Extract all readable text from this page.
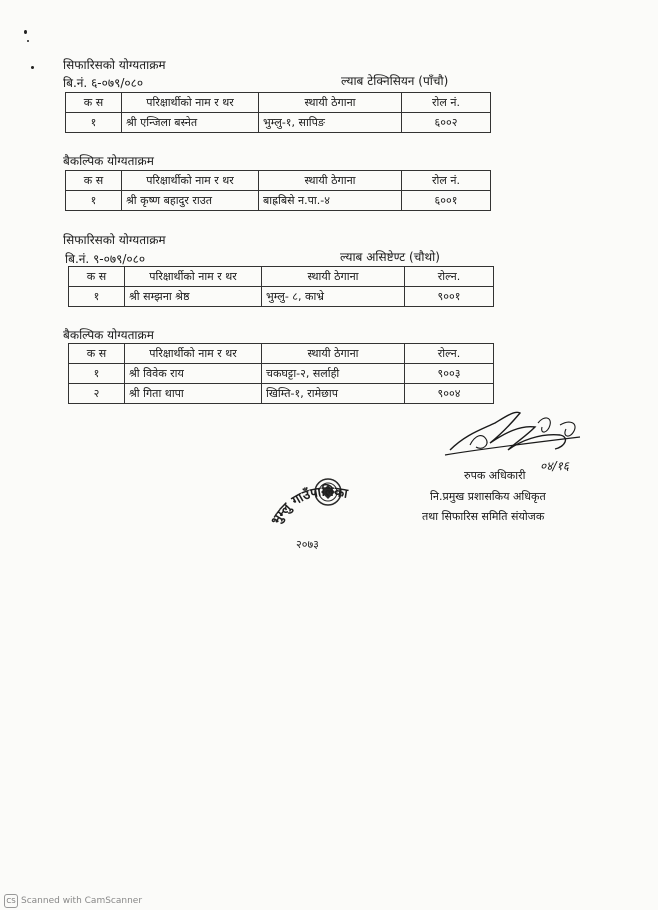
सिफारिसको योग्यताक्रम
बि.नं. ६-०७९/०८०	ल्याब टेक्निसियन (पाँचौ)
क स	परिक्षार्थीको नाम र थर	स्थायी ठेगाना	रोल नं.
१	श्री एन्जिला बस्नेत	भुम्लु-१, सापिङ	६००२
बैकल्पिक योग्यताक्रम
क स	परिक्षार्थीको नाम र थर	स्थायी ठेगाना	रोल नं.
१	श्री कृष्ण बहादुर राउत	बाह्रबिसे न.पा.-४	६००१
सिफारिसको योग्यताक्रम
बि.नं. ९-०७९/०८०	ल्याब असिष्टेण्ट (चौथो)
क स	परिक्षार्थीको नाम र थर	स्थायी ठेगाना	रोल्न.
१	श्री सम्झना श्रेष्ठ	भुम्लु- ८, काभ्रे	९००१
बैकल्पिक योग्यताक्रम
क स	परिक्षार्थीको नाम र थर	स्थायी ठेगाना	रोल्न.
१	श्री विवेक राय	चकघट्टा-२, सर्लाही	९००३
२	श्री गिता थापा	खिम्ति-१, रामेछाप	९००४
०४/१६
रुपक अधिकारी
नि.प्रमुख प्रशासकिय अधिकृत
तथा सिफारिस समिति संयोजक
भुम्लु गाउँपालिका
२०७३
CS Scanned with CamScanner
